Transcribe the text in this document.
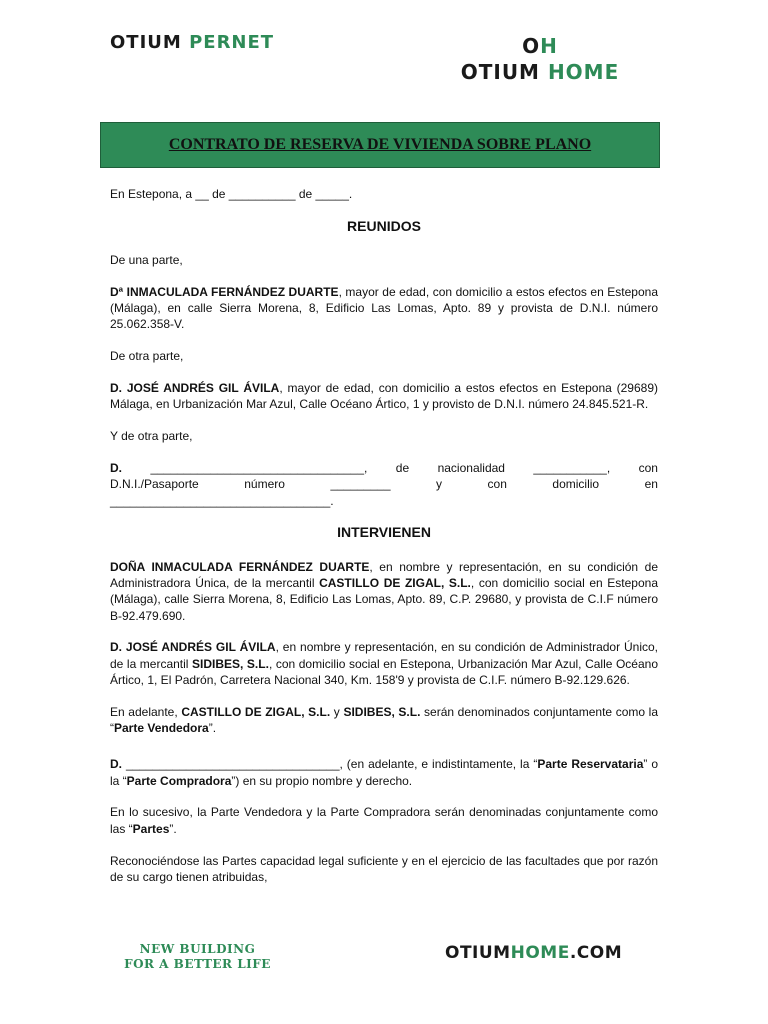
OTIUM PERNET	OH
OTIUM HOME
CONTRATO DE RESERVA DE VIVIENDA SOBRE PLANO

En Estepona, a __ de __________ de _____.

REUNIDOS

De una parte,

Dª INMACULADA FERNÁNDEZ DUARTE, mayor de edad, con domicilio a estos efectos en Estepona (Málaga), en calle Sierra Morena, 8, Edificio Las Lomas, Apto. 89 y provista de D.N.I. número 25.062.358-V.

De otra parte,

D. JOSÉ ANDRÉS GIL ÁVILA, mayor de edad, con domicilio a estos efectos en Estepona (29689) Málaga, en Urbanización Mar Azul, Calle Océano Ártico, 1 y provisto de D.N.I. número 24.845.521-R.

Y de otra parte,

D. ________________________________, de nacionalidad ___________, con
D.N.I./Pasaporte	número	_________	y	con	domicilio	en
_________________________________.
INTERVIENEN

DOÑA INMACULADA FERNÁNDEZ DUARTE, en nombre y representación, en su condición de Administradora Única, de la mercantil CASTILLO DE ZIGAL, S.L., con domicilio social en Estepona (Málaga), calle Sierra Morena, 8, Edificio Las Lomas, Apto. 89, C.P. 29680, y provista de C.I.F número B-92.479.690.

D. JOSÉ ANDRÉS GIL ÁVILA, en nombre y representación, en su condición de Administrador Único, de la mercantil SIDIBES, S.L., con domicilio social en Estepona, Urbanización Mar Azul, Calle Océano Ártico, 1, El Padrón, Carretera Nacional 340, Km. 158'9 y provista de C.I.F. número B-92.129.626.

En adelante, CASTILLO DE ZIGAL, S.L. y SIDIBES, S.L. serán denominados conjuntamente como la “Parte Vendedora”.

D. ________________________________, (en adelante, e indistintamente, la “Parte Reservataria” o la “Parte Compradora”) en su propio nombre y derecho.

En lo sucesivo, la Parte Vendedora y la Parte Compradora serán denominadas conjuntamente como las “Partes”.

Reconociéndose las Partes capacidad legal suficiente y en el ejercicio de las facultades que por razón de su cargo tienen atribuidas,

NEW BUILDING
FOR A BETTER LIFE
OTIUMHOME.COM
